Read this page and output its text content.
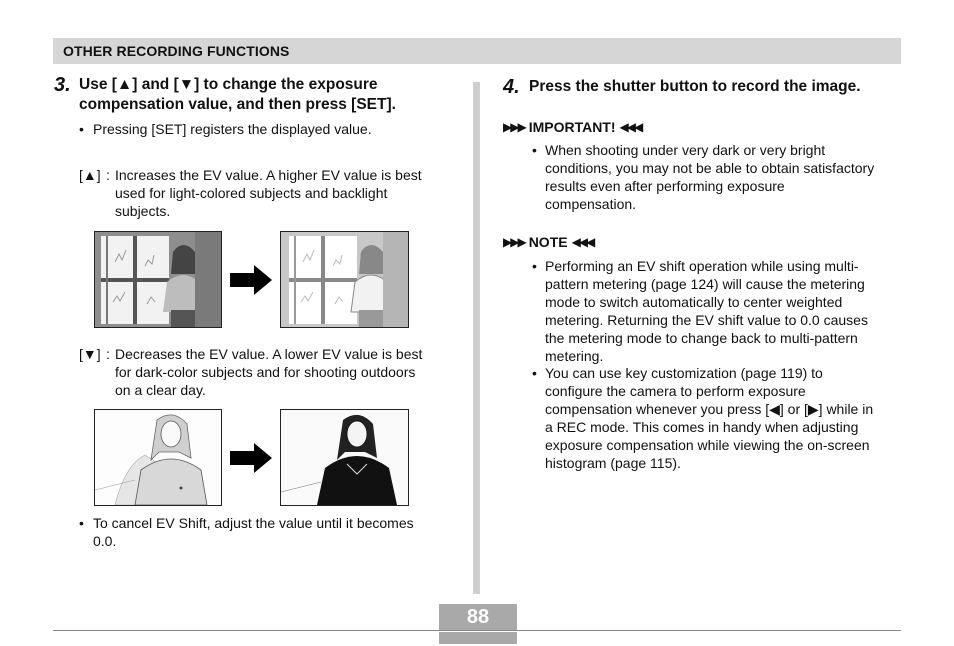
OTHER RECORDING FUNCTIONS
3. Use [▲] and [▼] to change the exposure
compensation value, and then press [SET].
• Pressing [SET] registers the displayed value.
[▲] : Increases the EV value. A higher EV value is best
used for light-colored subjects and backlight
subjects.
[▼] : Decreases the EV value. A lower EV value is best
for dark-color subjects and for shooting outdoors
on a clear day.
• To cancel EV Shift, adjust the value until it becomes
0.0.
4. Press the shutter button to record the image.
▶▶▶ IMPORTANT! ◀◀◀
• When shooting under very dark or very bright
conditions, you may not be able to obtain satisfactory
results even after performing exposure
compensation.
▶▶▶ NOTE ◀◀◀
• Performing an EV shift operation while using multi-
pattern metering (page 124) will cause the metering
mode to switch automatically to center weighted
metering. Returning the EV shift value to 0.0 causes
the metering mode to change back to multi-pattern
metering.
• You can use key customization (page 119) to
configure the camera to perform exposure
compensation whenever you press [◀] or [▶] while in
a REC mode. This comes in handy when adjusting
exposure compensation while viewing the on-screen
histogram (page 115).
88
